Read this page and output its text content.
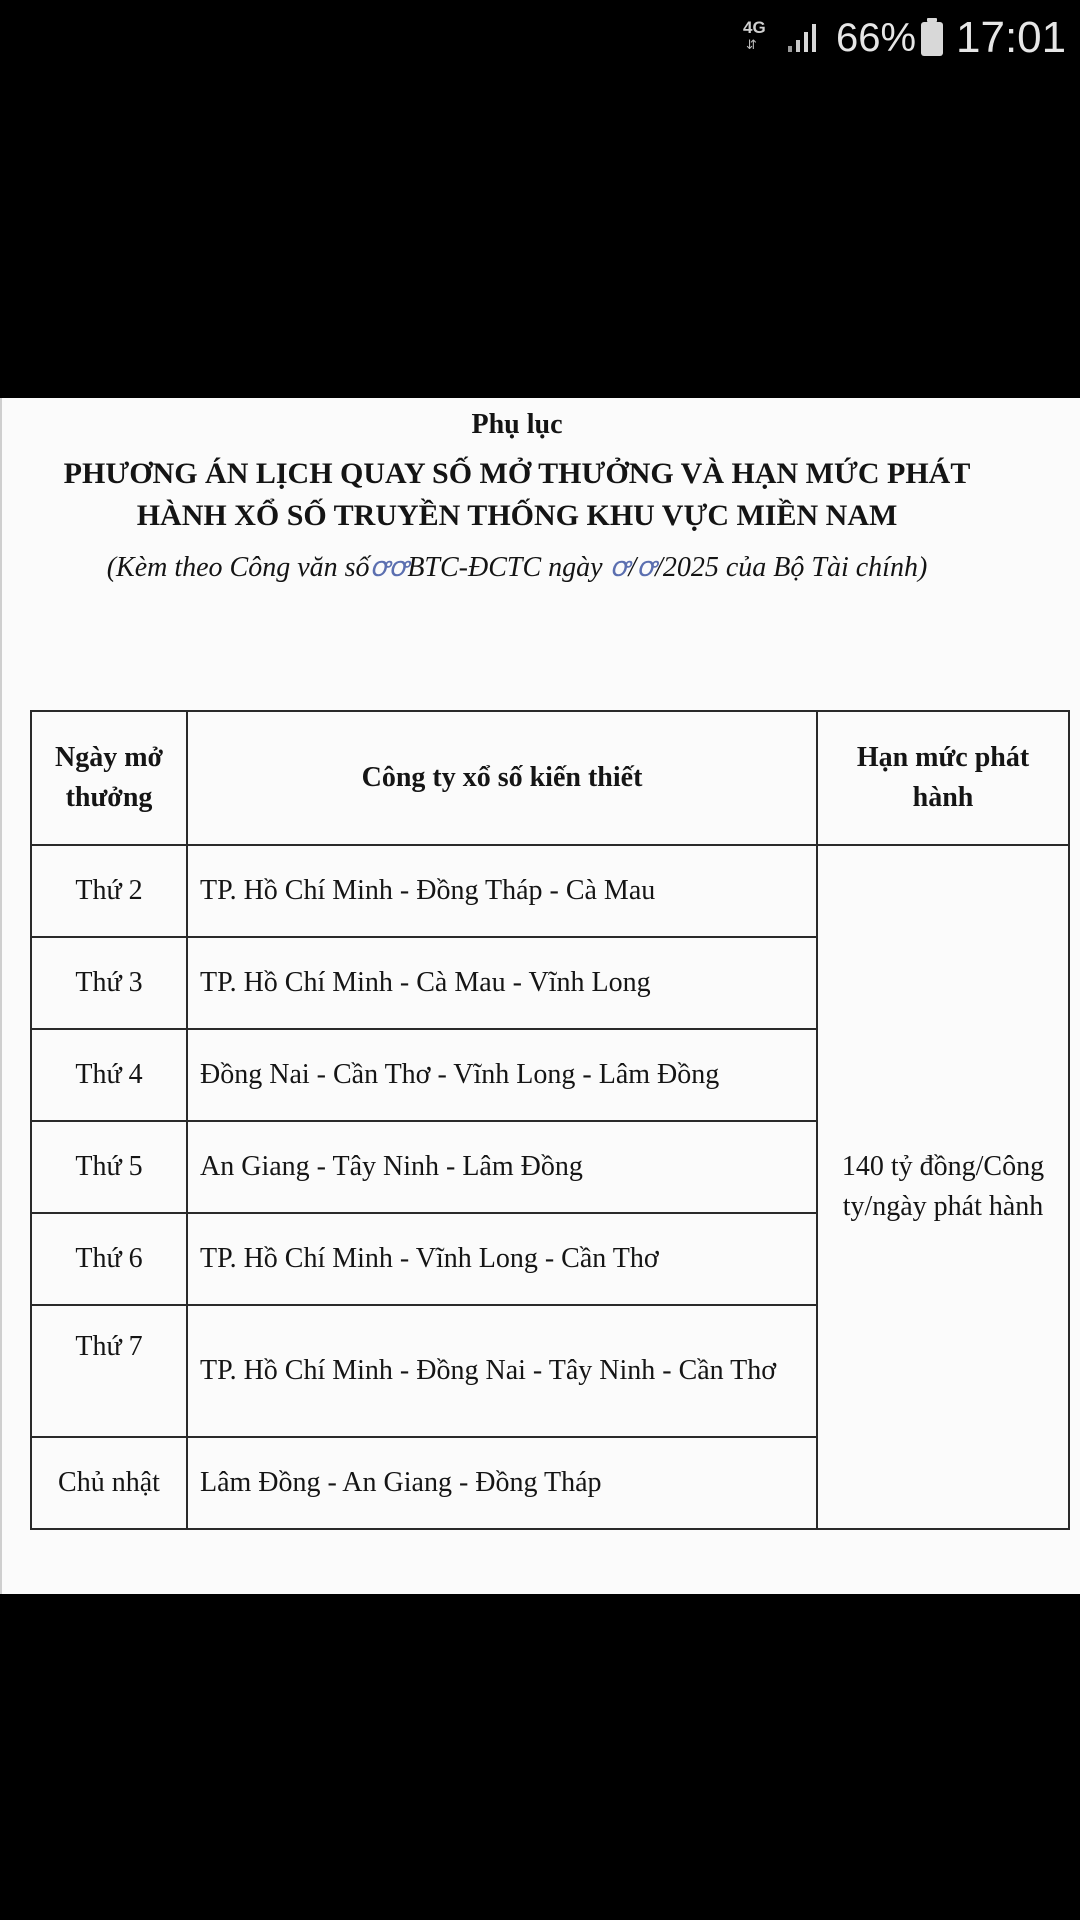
4G
⇵ 66% 17:01
Phụ lục
PHƯƠNG ÁN LỊCH QUAY SỐ MỞ THƯỞNG VÀ HẠN MỨC PHÁT
HÀNH XỔ SỐ TRUYỀN THỐNG KHU VỰC MIỀN NAM
(Kèm theo Công văn sốꝍꝍBTC-ĐCTC ngày ꝍ/ꝍ/2025 của Bộ Tài chính)
Ngày mở thưởng	Công ty xổ số kiến thiết	Hạn mức phát hành
Thứ 2	TP. Hồ Chí Minh - Đồng Tháp - Cà Mau	140 tỷ đồng/Công ty/ngày phát hành
Thứ 3	TP. Hồ Chí Minh - Cà Mau - Vĩnh Long	
Thứ 4	Đồng Nai - Cần Thơ - Vĩnh Long - Lâm Đồng	
Thứ 5	An Giang - Tây Ninh - Lâm Đồng	
Thứ 6	TP. Hồ Chí Minh - Vĩnh Long - Cần Thơ	
Thứ 7	TP. Hồ Chí Minh - Đồng Nai - Tây Ninh - Cần Thơ	
Chủ nhật	Lâm Đồng - An Giang - Đồng Tháp	
